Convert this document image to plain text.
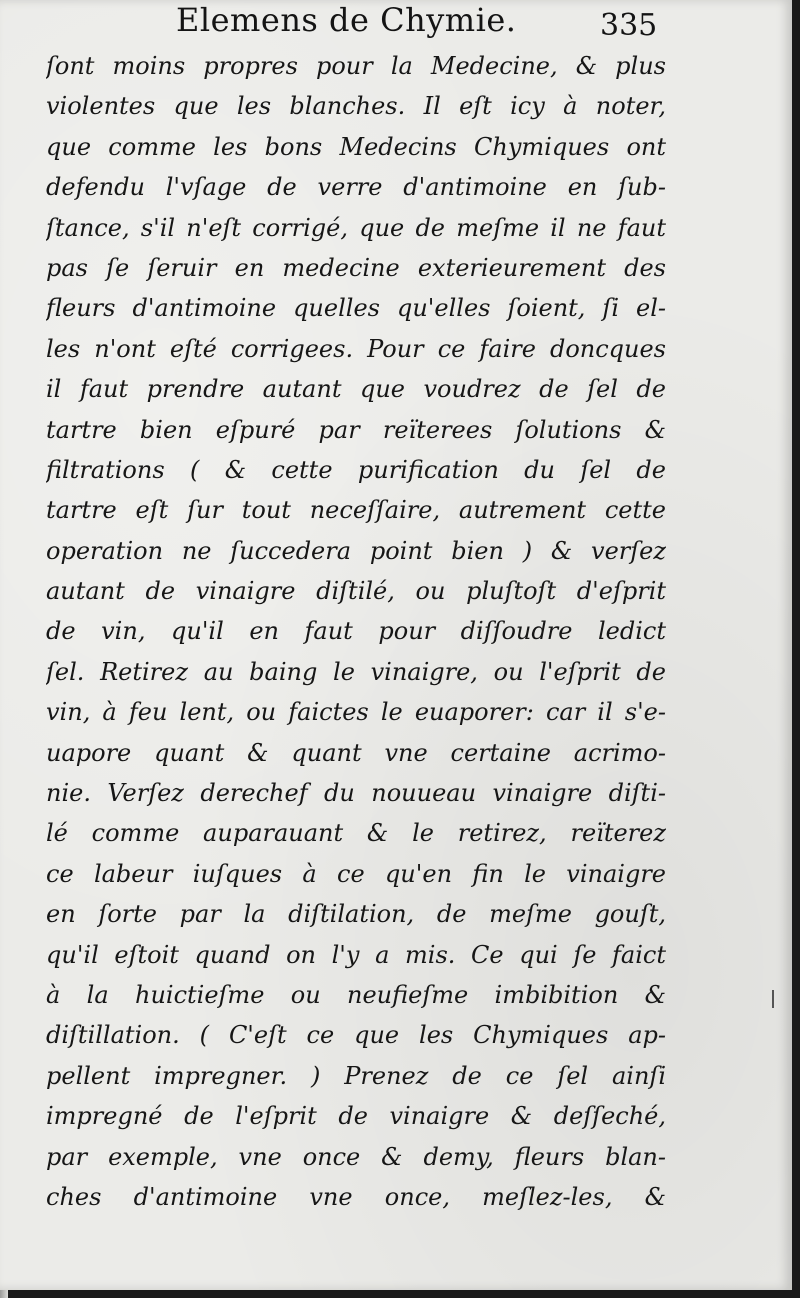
Elemens de Chymie.	335
ſont moins propres pour la Medecine, & plus
violentes que les blanches. Il eſt icy à noter,
que comme les bons Medecins Chymiques ont
defendu l'vſage de verre d'antimoine en ſub-
ſtance, s'il n'eſt corrigé, que de meſme il ne faut
pas ſe ſeruir en medecine exterieurement des
fleurs d'antimoine quelles qu'elles ſoient, ſi el-
les n'ont eſté corrigees. Pour ce faire doncques
il faut prendre autant que voudrez de ſel de
tartre bien eſpuré par reïterees ſolutions &
filtrations ( & cette purification du ſel de
tartre eſt ſur tout neceſſaire, autrement cette
operation ne ſuccedera point bien ) & verſez
autant de vinaigre diſtilé, ou pluſtoſt d'eſprit
de vin, qu'il en faut pour diſſoudre ledict
ſel. Retirez au baing le vinaigre, ou l'eſprit de
vin, à feu lent, ou faictes le euaporer: car il s'e-
uapore quant & quant vne certaine acrimo-
nie. Verſez derechef du nouueau vinaigre diſti-
lé comme auparauant & le retirez, reïterez
ce labeur iuſques à ce qu'en fin le vinaigre
en ſorte par la diſtilation, de meſme gouſt,
qu'il eſtoit quand on l'y a mis. Ce qui ſe faict
à la huictieſme ou neufieſme imbibition &
diſtillation. ( C'eſt ce que les Chymiques ap-
pellent impregner. ) Prenez de ce ſel ainſi
impregné de l'eſprit de vinaigre & deſſeché,
par exemple, vne once & demy, fleurs blan-
ches d'antimoine vne once, meſlez-les, &
